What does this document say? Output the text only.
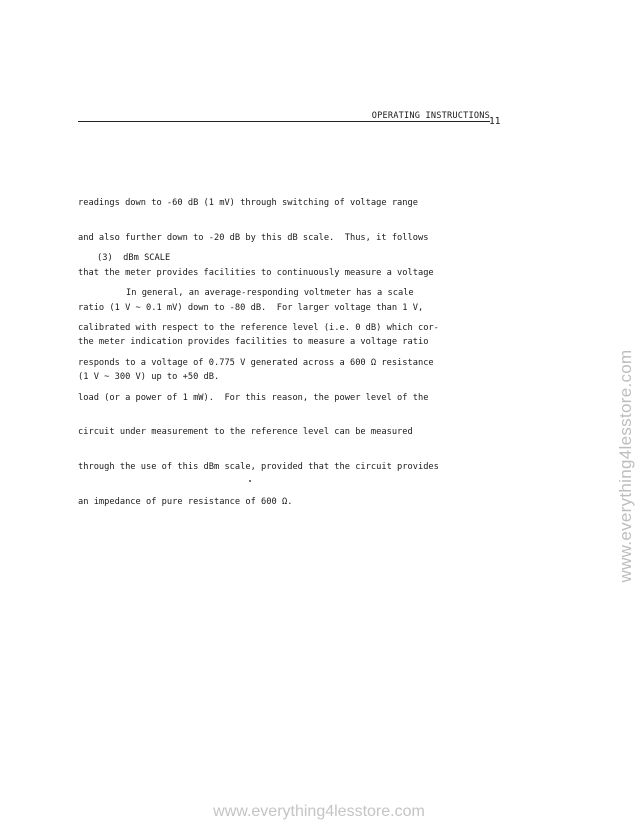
OPERATING INSTRUCTIONS 11

readings down to -60 dB (1 mV) through switching of voltage range

and also further down to -20 dB by this dB scale.  Thus, it follows

that the meter provides facilities to continuously measure a voltage

ratio (1 V ~ 0.1 mV) down to -80 dB.  For larger voltage than 1 V,

the meter indication provides facilities to measure a voltage ratio

(1 V ~ 300 V) up to +50 dB.

(3)  dBm SCALE

In general, an average-responding voltmeter has a scale

calibrated with respect to the reference level (i.e. 0 dB) which cor-

responds to a voltage of 0.775 V generated across a 600 Ω resistance

load (or a power of 1 mW).  For this reason, the power level of the

circuit under measurement to the reference level can be measured

through the use of this dBm scale, provided that the circuit provides

an impedance of pure resistance of 600 Ω.	www.everything4lesstore.com
www.everything4lesstore.com
